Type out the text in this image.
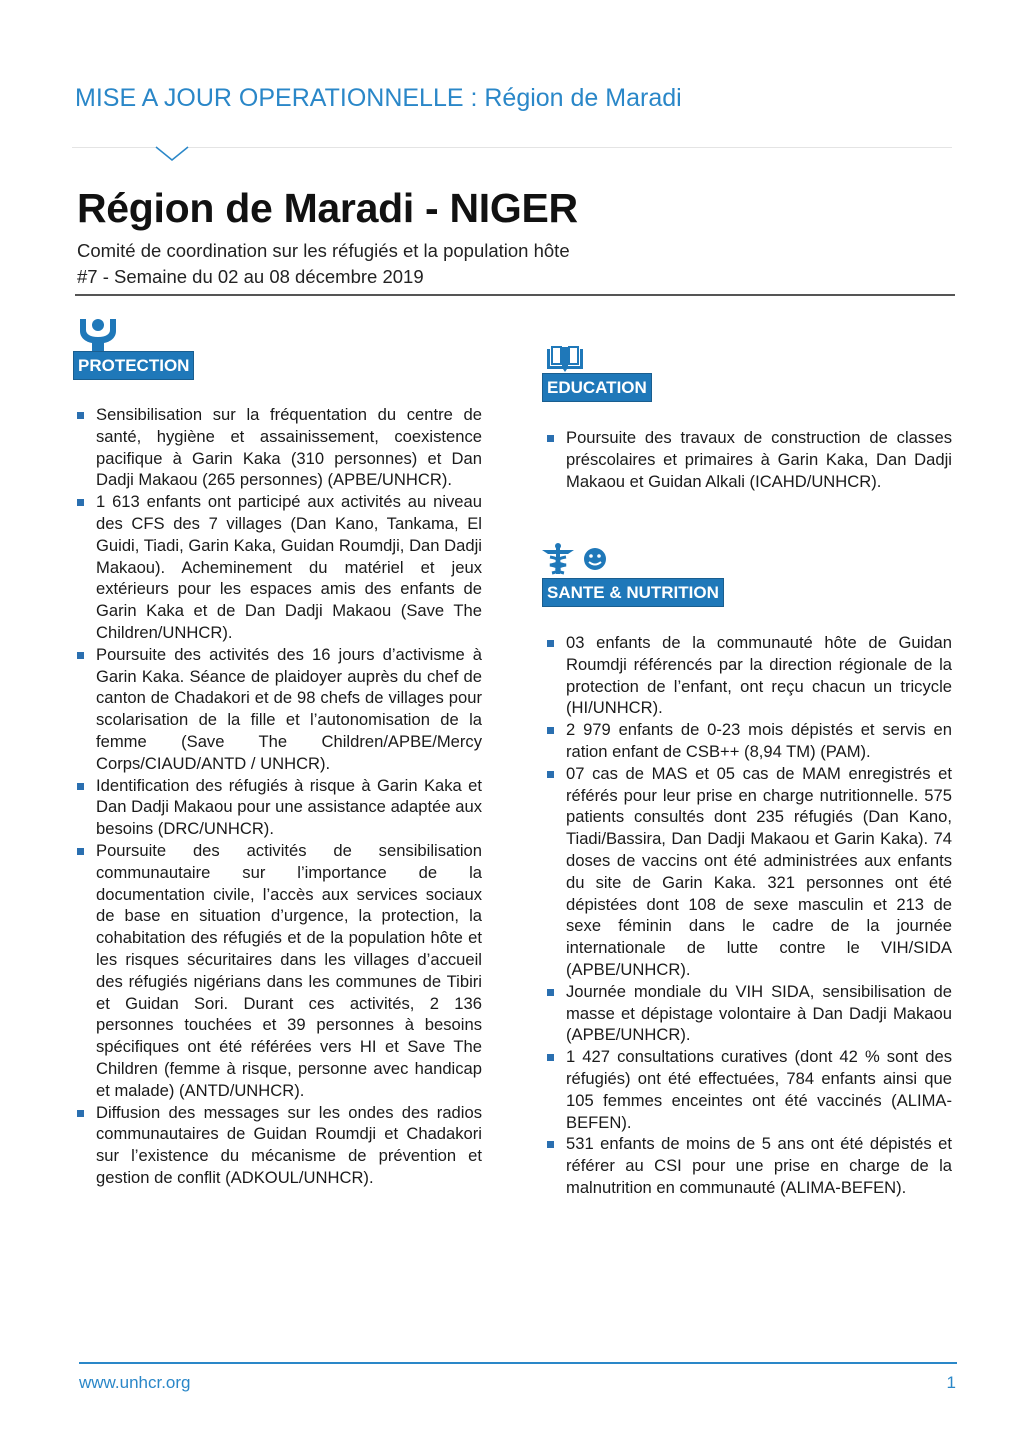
MISE A JOUR OPERATIONNELLE : Région de Maradi
Région de Maradi - NIGER
Comité de coordination sur les réfugiés et la population hôte
#7 - Semaine du 02 au 08 décembre 2019
PROTECTION
Sensibilisation sur la fréquentation du centre de santé, hygiène et assainissement, coexistence pacifique à Garin Kaka (310 personnes) et Dan Dadji Makaou (265 personnes) (APBE/UNHCR).
1 613 enfants ont participé aux activités au niveau des CFS des 7 villages (Dan Kano, Tankama, El Guidi, Tiadi, Garin Kaka, Guidan Roumdji, Dan Dadji Makaou). Acheminement du matériel et jeux extérieurs pour les espaces amis des enfants de Garin Kaka et de Dan Dadji Makaou (Save The Children/UNHCR).
Poursuite des activités des 16 jours d’activisme à Garin Kaka. Séance de plaidoyer auprès du chef de canton de Chadakori et de 98 chefs de villages pour scolarisation de la fille et l’autonomisation de la femme (Save The Children/APBE/Mercy Corps/CIAUD/ANTD / UNHCR).
Identification des réfugiés à risque à Garin Kaka et Dan Dadji Makaou pour une assistance adaptée aux besoins (DRC/UNHCR).
Poursuite des activités de sensibilisation communautaire sur l’importance de la documentation civile, l’accès aux services sociaux de base en situation d’urgence, la protection, la cohabitation des réfugiés et de la population hôte et les risques sécuritaires dans les villages d’accueil des réfugiés nigérians dans les communes de Tibiri et Guidan Sori. Durant ces activités, 2 136 personnes touchées et 39 personnes à besoins spécifiques ont été référées vers HI et Save The Children (femme à risque, personne avec handicap et malade) (ANTD/UNHCR).
Diffusion des messages sur les ondes des radios communautaires de Guidan Roumdji et Chadakori sur l’existence du mécanisme de prévention et gestion de conflit (ADKOUL/UNHCR).
EDUCATION
Poursuite des travaux de construction de classes préscolaires et primaires à Garin Kaka, Dan Dadji Makaou et Guidan Alkali (ICAHD/UNHCR).
SANTE & NUTRITION
03 enfants de la communauté hôte de Guidan Roumdji référencés par la direction régionale de la protection de l’enfant, ont reçu chacun un tricycle (HI/UNHCR).
2 979 enfants de 0-23 mois dépistés et servis en ration enfant de CSB++ (8,94 TM) (PAM).
07 cas de MAS et 05 cas de MAM enregistrés et référés pour leur prise en charge nutritionnelle. 575 patients consultés dont 235 réfugiés (Dan Kano, Tiadi/Bassira, Dan Dadji Makaou et Garin Kaka). 74 doses de vaccins ont été administrées aux enfants du site de Garin Kaka. 321 personnes ont été dépistées dont 108 de sexe masculin et 213 de sexe féminin dans le cadre de la journée internationale de lutte contre le VIH/SIDA (APBE/UNHCR).
Journée mondiale du VIH SIDA, sensibilisation de masse et dépistage volontaire à Dan Dadji Makaou (APBE/UNHCR).
1 427 consultations curatives (dont 42 % sont des réfugiés) ont été effectuées, 784 enfants ainsi que 105 femmes enceintes ont été vaccinés (ALIMA-BEFEN).
531 enfants de moins de 5 ans ont été dépistés et référer au CSI pour une prise en charge de la malnutrition en communauté (ALIMA-BEFEN).
www.unhcr.org	1
